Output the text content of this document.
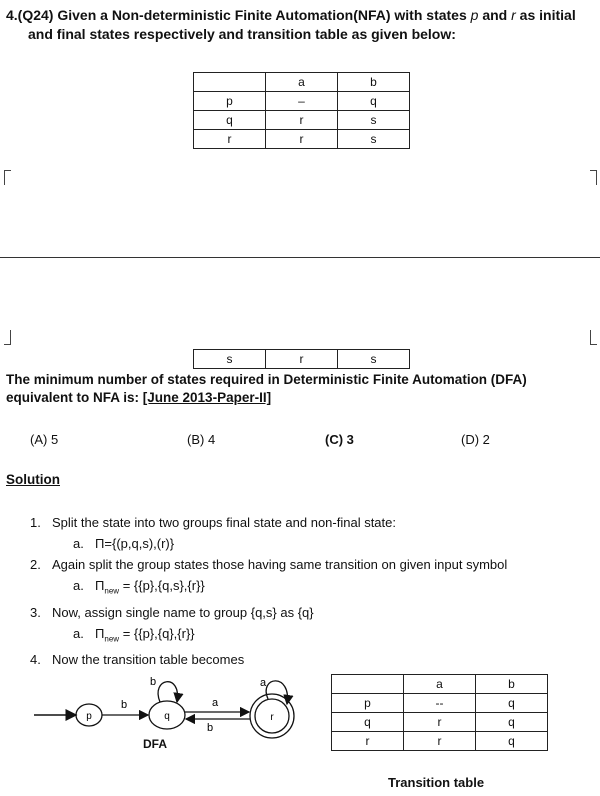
4.(Q24) Given a Non-deterministic Finite Automation(NFA) with states p and r as initial
and final states respectively and transition table as given below:
	a	b
p	–	q
q	r	s
r	r	s
s	r	s
The minimum number of states required in Deterministic Finite Automation (DFA) equivalent to NFA is: [June 2013-Paper-II]
(A) 5	(B) 4	(C) 3	(D) 2
Solution
1. Split the state into two groups final state and non-final state:
a. Π={(p,q,s),(r)}
2. Again split the group states those having same transition on given input symbol
a. $\Pi_{new} = \{\{p\},\{q,s\},\{r\}\}$
3. Now, assign single name to group {q,s} as {q}
a. $\Pi_{new} = \{\{p\},\{q\},\{r\}\}$
4. Now the transition table becomes
p
b
q
b
a
b
r
a
DFA
	a	b
p	--	q
q	r	q
r	r	q
Transition table
